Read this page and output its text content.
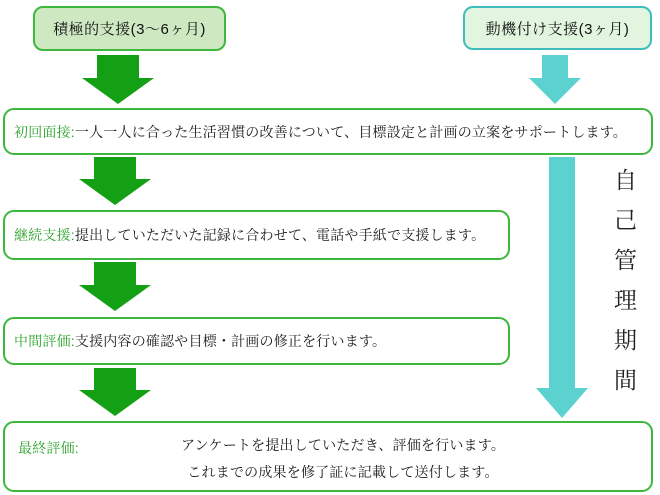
積極的支援(3〜6ヶ月)	動機付け支援(3ヶ月)
初回面接: 一人一人に合った生活習慣の改善について、目標設定と計画の立案をサポートします。
継続支援: 提出していただいた記録に合わせて、電話や手紙で支援します。
中間評価: 支援内容の確認や目標・計画の修正を行います。
最終評価:	アンケートを提出していただき、評価を行います。
これまでの成果を修了証に記載して送付します。
自己管理期間
